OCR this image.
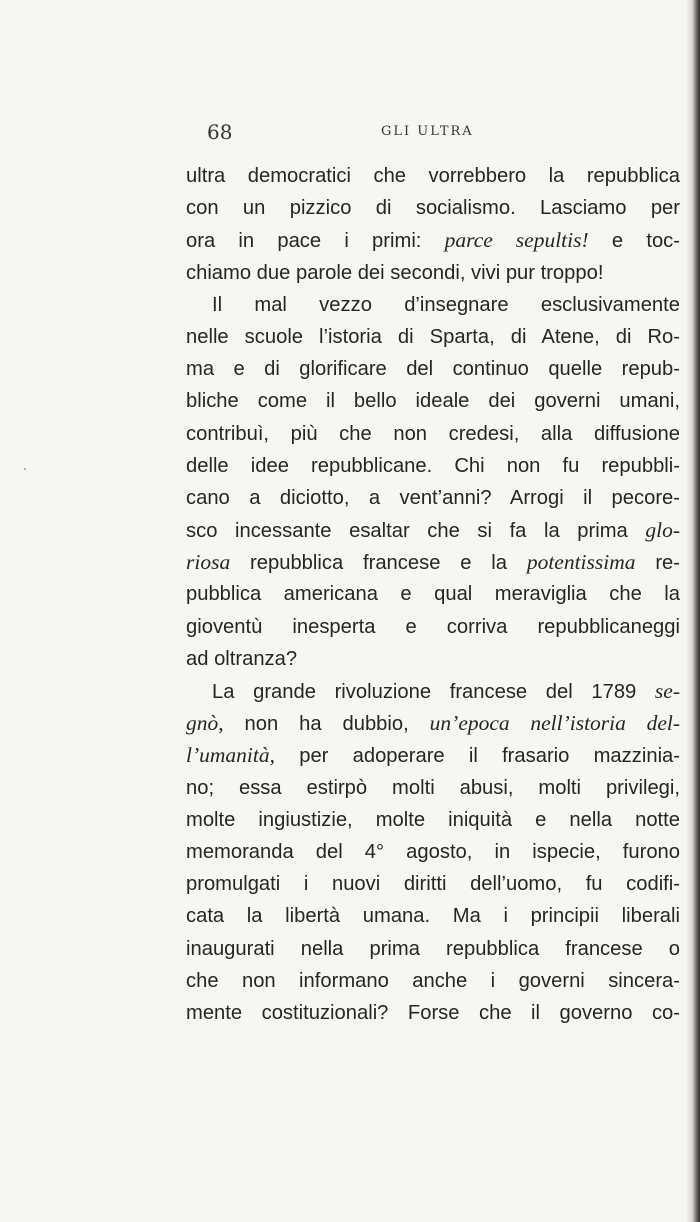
68	GLI ULTRA
ultra democratici che vorrebbero la repubblica
con un pizzico di socialismo. Lasciamo per
ora in pace i primi: parce sepultis! e toc-
chiamo due parole dei secondi, vivi pur troppo!
Il mal vezzo d’insegnare esclusivamente
nelle scuole l’istoria di Sparta, di Atene, di Ro-
ma e di glorificare del continuo quelle repub-
bliche come il bello ideale dei governi umani,
contribuì, più che non credesi, alla diffusione
delle idee repubblicane. Chi non fu repubbli-
cano a diciotto, a vent’anni? Arrogi il pecore-
sco incessante esaltar che si fa la prima glo-
riosa repubblica francese e la potentissima re-
pubblica americana e qual meraviglia che la
gioventù inesperta e corriva repubblicaneggi
ad oltranza?
La grande rivoluzione francese del 1789 se-
gnò, non ha dubbio, un’epoca nell’istoria del-
l’umanità, per adoperare il frasario mazzinia-
no; essa estirpò molti abusi, molti privilegi,
molte ingiustizie, molte iniquità e nella notte
memoranda del 4° agosto, in ispecie, furono
promulgati i nuovi diritti dell’uomo, fu codifi-
cata la libertà umana. Ma i principii liberali
inaugurati nella prima repubblica francese o
che non informano anche i governi sincera-
mente costituzionali? Forse che il governo co-
